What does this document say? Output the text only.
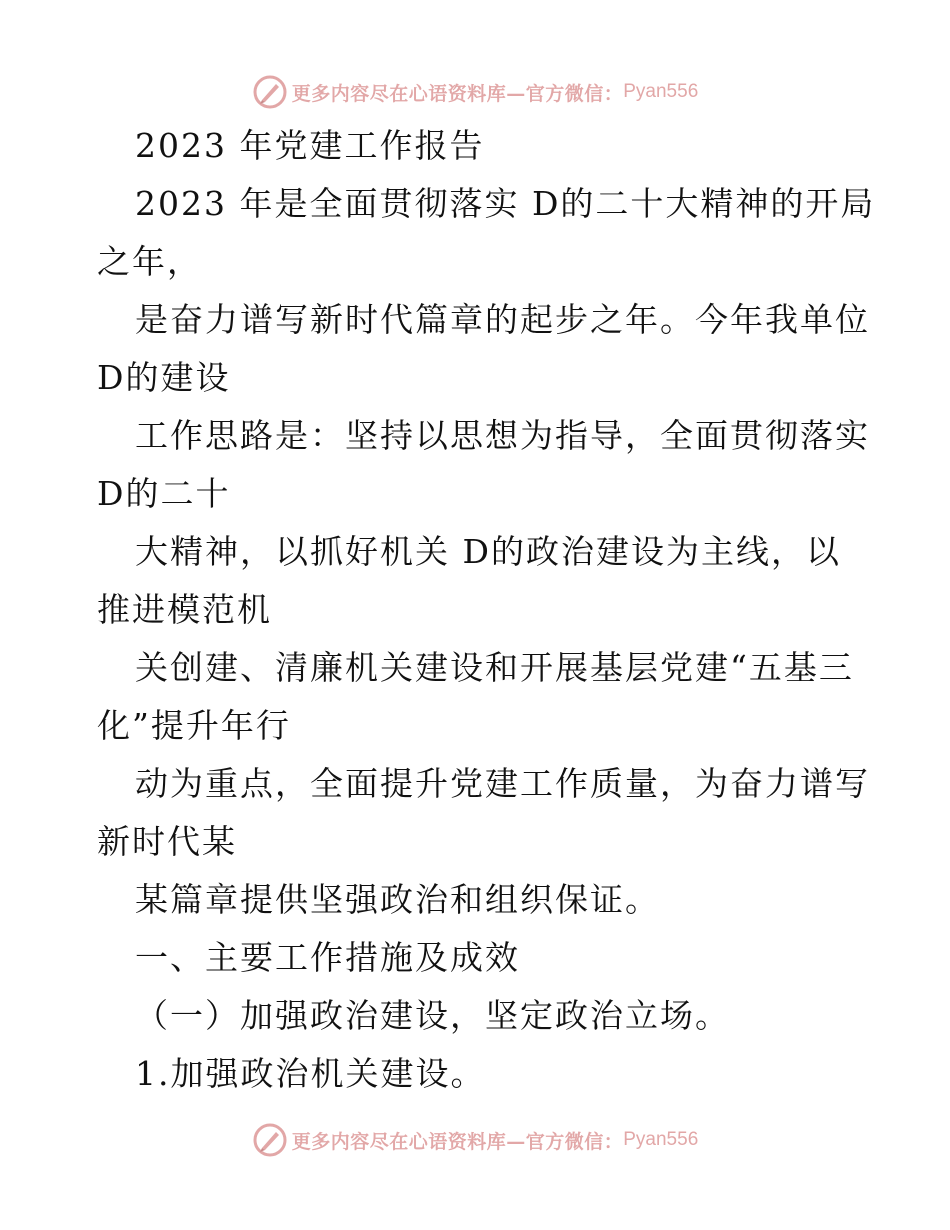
更多内容尽在心语资料库—官方微信： Pyan556
2023 年党建工作报告
2023 年是全面贯彻落实 D的二十大精神的开局
之年，
是奋力谱写新时代篇章的起步之年。今年我单位
D的建设
工作思路是：坚持以思想为指导，全面贯彻落实
D的二十
大精神，以抓好机关 D的政治建设为主线，以
推进模范机
关创建、清廉机关建设和开展基层党建“五基三
化”提升年行
动为重点，全面提升党建工作质量，为奋力谱写
新时代某
某篇章提供坚强政治和组织保证。
一、主要工作措施及成效
（一）加强政治建设，坚定政治立场。
1.加强政治机关建设。
更多内容尽在心语资料库—官方微信： Pyan556
